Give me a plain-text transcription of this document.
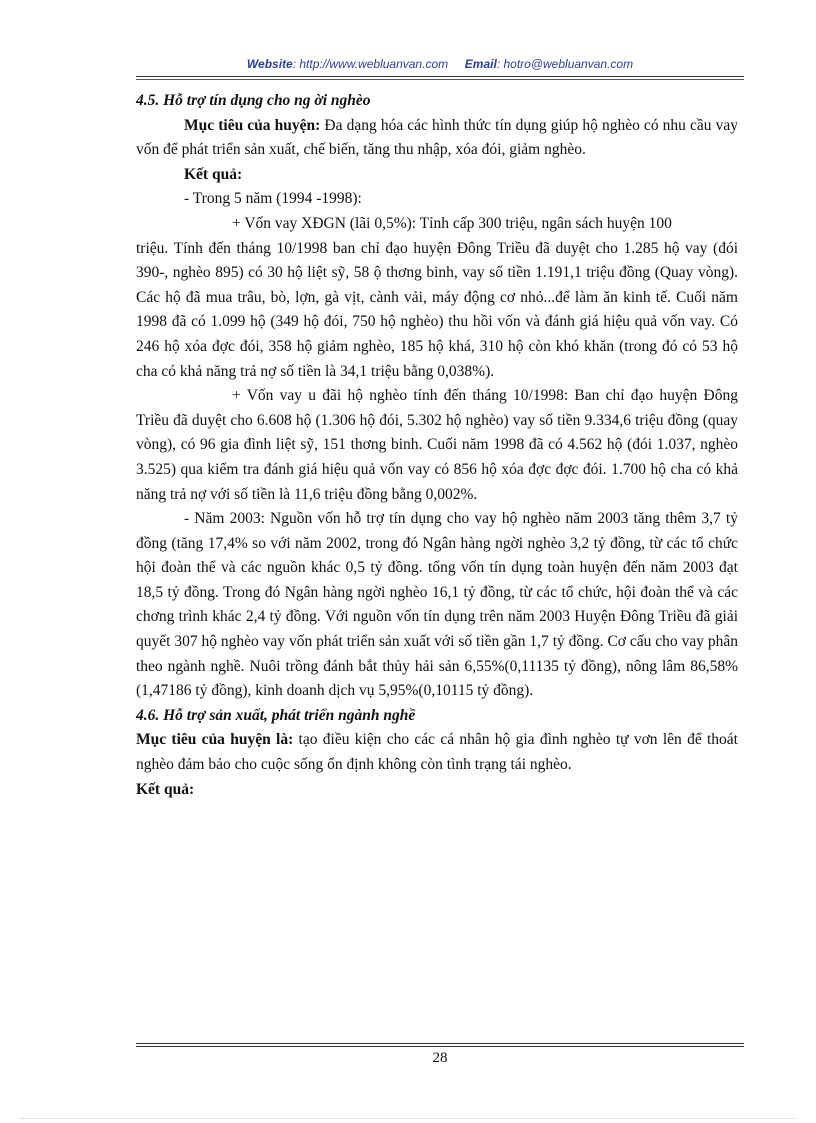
Website: http://www.webluanvan.com Email: hotro@webluanvan.com

4.5. Hỗ trợ tín dụng cho ng ời nghèo

Mục tiêu của huyện: Đa dạng hóa các hình thức tín dụng giúp hộ nghèo có nhu cầu vay vốn để phát triển sản xuất, chế biến, tăng thu nhập, xóa đói, giảm nghèo.

Kết quả:

- Trong 5 năm (1994 -1998):

+ Vốn vay XĐGN (lãi 0,5%): Tỉnh cấp 300 triệu, ngân sách huyện 100

triệu. Tính đến tháng 10/1998 ban chỉ đạo huyện Đông Triều đã duyệt cho 1.285 hộ vay (đói 390-, nghèo 895) có 30 hộ liệt sỹ, 58 ộ thơng binh, vay số tiền 1.191,1 triệu đồng (Quay vòng). Các hộ đã mua trâu, bò, lợn, gà vịt, cành vải, máy động cơ nhỏ...để làm ăn kinh tế. Cuối năm 1998 đã có 1.099 hộ (349 hộ đói, 750 hộ nghèo) thu hồi vốn và đánh giá hiệu quả vốn vay. Có 246 hộ xóa đợc đói, 358 hộ giảm nghèo, 185 hộ khá, 310 hộ còn khó khăn (trong đó có 53 hộ cha có khả năng trả nợ số tiền là 34,1 triệu bằng 0,038%).

+ Vốn vay u đãi hộ nghèo tính đến tháng 10/1998: Ban chỉ đạo huyện Đông Triều đã duyệt cho 6.608 hộ (1.306 hộ đói, 5.302 hộ nghèo) vay số tiền 9.334,6 triệu đồng (quay vòng), có 96 gia đình liệt sỹ, 151 thơng binh. Cuối năm 1998 đã có 4.562 hộ (đói 1.037, nghèo 3.525) qua kiểm tra đánh giá hiệu quả vốn vay có 856 hộ xóa đợc đợc đói. 1.700 hộ cha có khả năng trả nợ với số tiền là 11,6 triệu đồng bằng 0,002%.

- Năm 2003: Nguồn vốn hỗ trợ tín dụng cho vay hộ nghèo năm 2003 tăng thêm 3,7 tỷ đồng (tăng 17,4% so với năm 2002, trong đó Ngân hàng ngời nghèo 3,2 tỷ đồng, từ các tổ chức hội đoàn thể và các nguồn khác 0,5 tỷ đồng. tổng vốn tín dụng toàn huyện đến năm 2003 đạt 18,5 tỷ đồng. Trong đó Ngân hàng ngời nghèo 16,1 tỷ đồng, từ các tổ chức, hội đoàn thể và các chơng trình khác 2,4 tỷ đồng. Với nguồn vốn tín dụng trên năm 2003 Huyện Đông Triều đã giải quyết 307 hộ nghèo vay vốn phát triển sản xuất với số tiền gần 1,7 tỷ đồng. Cơ cấu cho vay phân theo ngành nghề. Nuôi trồng đánh bắt thủy hải sản 6,55%(0,11135 tỷ đồng), nông lâm 86,58%(1,47186 tỷ đồng), kinh doanh dịch vụ 5,95%(0,10115 tỷ đồng).

4.6. Hỗ trợ sản xuất, phát triển ngành nghề

Mục tiêu của huyện là: tạo điều kiện cho các cá nhân hộ gia đình nghèo tự vơn lên để thoát nghèo đảm bảo cho cuộc sống ổn định không còn tình trạng tái nghèo.

Kết quả:

28
